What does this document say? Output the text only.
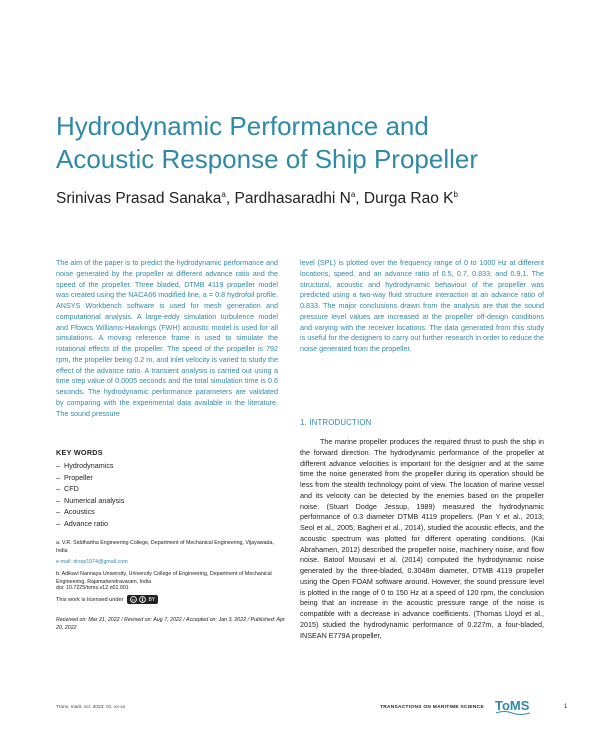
Hydrodynamic Performance and
Acoustic Response of Ship Propeller

Srinivas Prasad Sanaka$^a$, Pardhasaradhi $N^a$, Durga Rao $K^b$

The aim of the paper is to predict the hydrodynamic performance and noise generated by the propeller at different advance ratio and the speed of the propeller. Three bladed, DTMB 4119 propeller model was created using the NACA66 modified line, a = 0.8 hydrofoil profile. ANSYS Workbench software is used for mesh generation and computational analysis. A large-eddy simulation turbulence model and Ffowcs Williams-Hawkings (FWH) acoustic model is used for all simulations. A moving reference frame is used to simulate the rotational effects of the propeller. The speed of the propeller is 792 rpm, the propeller being 0.2 m, and inlet velocity is varied to study the effect of the advance ratio. A transient analysis is carried out using a time step value of 0.0005 seconds and the total simulation time is 0.6 seconds. The hydrodynamic performance parameters are validated by comparing with the experimental data available in the literature. The sound pressure

level (SPL) is plotted over the frequency range of 0 to 1000 Hz at different locations, speed, and an advance ratio of 0.5, 0.7, 0.833, and 0.9,1. The structural, acoustic and hydrodynamic behaviour of the propeller was predicted using a two-way fluid structure interaction at an advance ratio of 0.833. The major conclusions drawn from the analysis are that the sound pressure level values are increased at the propeller off-design conditions and varying with the receiver locations. The data generated from this study is useful for the designers to carry out further research in order to reduce the noise generated from the propeller.

KEY WORDS
–  Hydrodynamics
–  Propeller
–  CFD
–  Numerical analysis
–  Acoustics
–  Advance ratio

a. V.R. Siddhartha Engineering College, Department of Mechanical Engineering, Vijayawada, India

e-mail: drssp1974@gmail.com

b. Adikavi Nannaya University, University College of Engineering, Department of Mechanical Engineering, Rajamahendravaram, India

doi: 10.7225/toms.v12.n01.001

This work is licensed under cc	BY

Received on: Mar 21, 2022 / Revised on: Aug 7, 2022 / Accepted on: Jan 3, 2022 / Published: Apr 20, 2022

1. INTRODUCTION

The marine propeller produces the required thrust to push the ship in the forward direction. The hydrodynamic performance of the propeller at different advance velocities is important for the designer and at the same time the noise generated from the propeller during its operation should be less from the stealth technology point of view. The location of marine vessel and its velocity can be detected by the enemies based on the propeller noise. (Stuart Dodge Jessup, 1989) measured the hydrodynamic performance of 0.3 diameter DTMB 4119 propellers. (Pan Y et al., 2013; Seol et al., 2005; Bagheri et al., 2014), studied the acoustic effects, and the acoustic spectrum was plotted for different operating conditions. (Kai Abrahamen, 2012) described the propeller noise, machinery noise, and flow noise. Batool Mousavi et al. (2014) computed the hydrodynamic noise generated by the three-bladed, 0.3048m diameter, DTMB 4119 propeller using the Open FOAM software around. However, the sound pressure level is plotted in the range of 0 to 150 Hz at a speed of 120 rpm, the conclusion being that an increase in the acoustic pressure range of the noise is compatible with a decrease in advance coefficients. (Thomas Lloyd et al., 2015) studied the hydrodynamic performance of 0.227m, a four-bladed, INSEAN E779A propeller,

Trans. marit. sci. 2023; 01: xx-xx	TRANSACTIONS ON MARITIME SCIENCE ToMS	1
